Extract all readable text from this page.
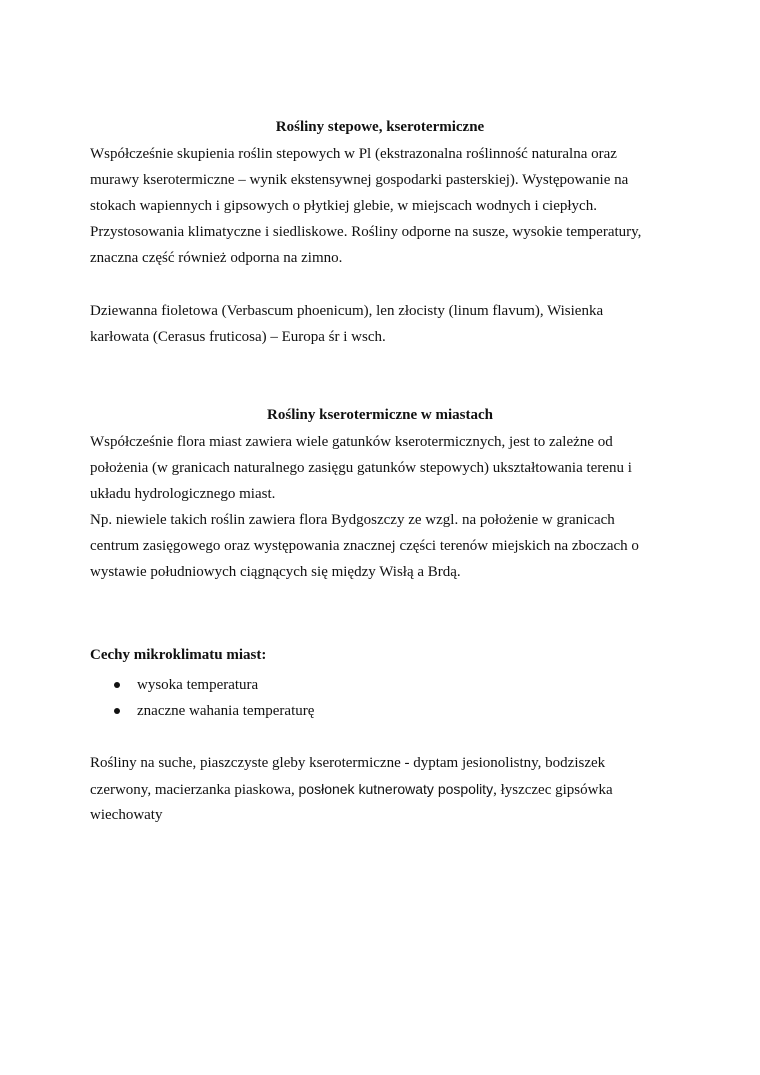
Rośliny stepowe, kserotermiczne
Współcześnie skupienia roślin stepowych w Pl (ekstrazonalna roślinność naturalna oraz
murawy kserotermiczne – wynik ekstensywnej gospodarki pasterskiej). Występowanie na
stokach wapiennych i gipsowych o płytkiej glebie, w miejscach wodnych i ciepłych.
Przystosowania klimatyczne i siedliskowe. Rośliny odporne na susze, wysokie temperatury,
znaczna część również odporna na zimno.
Dziewanna fioletowa (Verbascum phoenicum), len złocisty (linum flavum), Wisienka
karłowata (Cerasus fruticosa) – Europa śr i wsch.
Rośliny kserotermiczne w miastach
Współcześnie flora miast zawiera wiele gatunków kserotermicznych, jest to zależne od
położenia (w granicach naturalnego zasięgu gatunków stepowych) ukształtowania terenu i
układu hydrologicznego miast.
Np. niewiele takich roślin zawiera flora Bydgoszczy ze wzgl. na położenie w granicach
centrum zasięgowego oraz występowania znacznej części terenów miejskich na zboczach o
wystawie południowych ciągnących się między Wisłą a Brdą.
Cechy mikroklimatu miast:
wysoka temperatura
znaczne wahania temperaturę
Rośliny na suche, piaszczyste gleby kserotermiczne - dyptam jesionolistny, bodziszek
czerwony, macierzanka piaskowa, posłonek kutnerowaty pospolity, łyszczec gipsówka
wiechowaty
